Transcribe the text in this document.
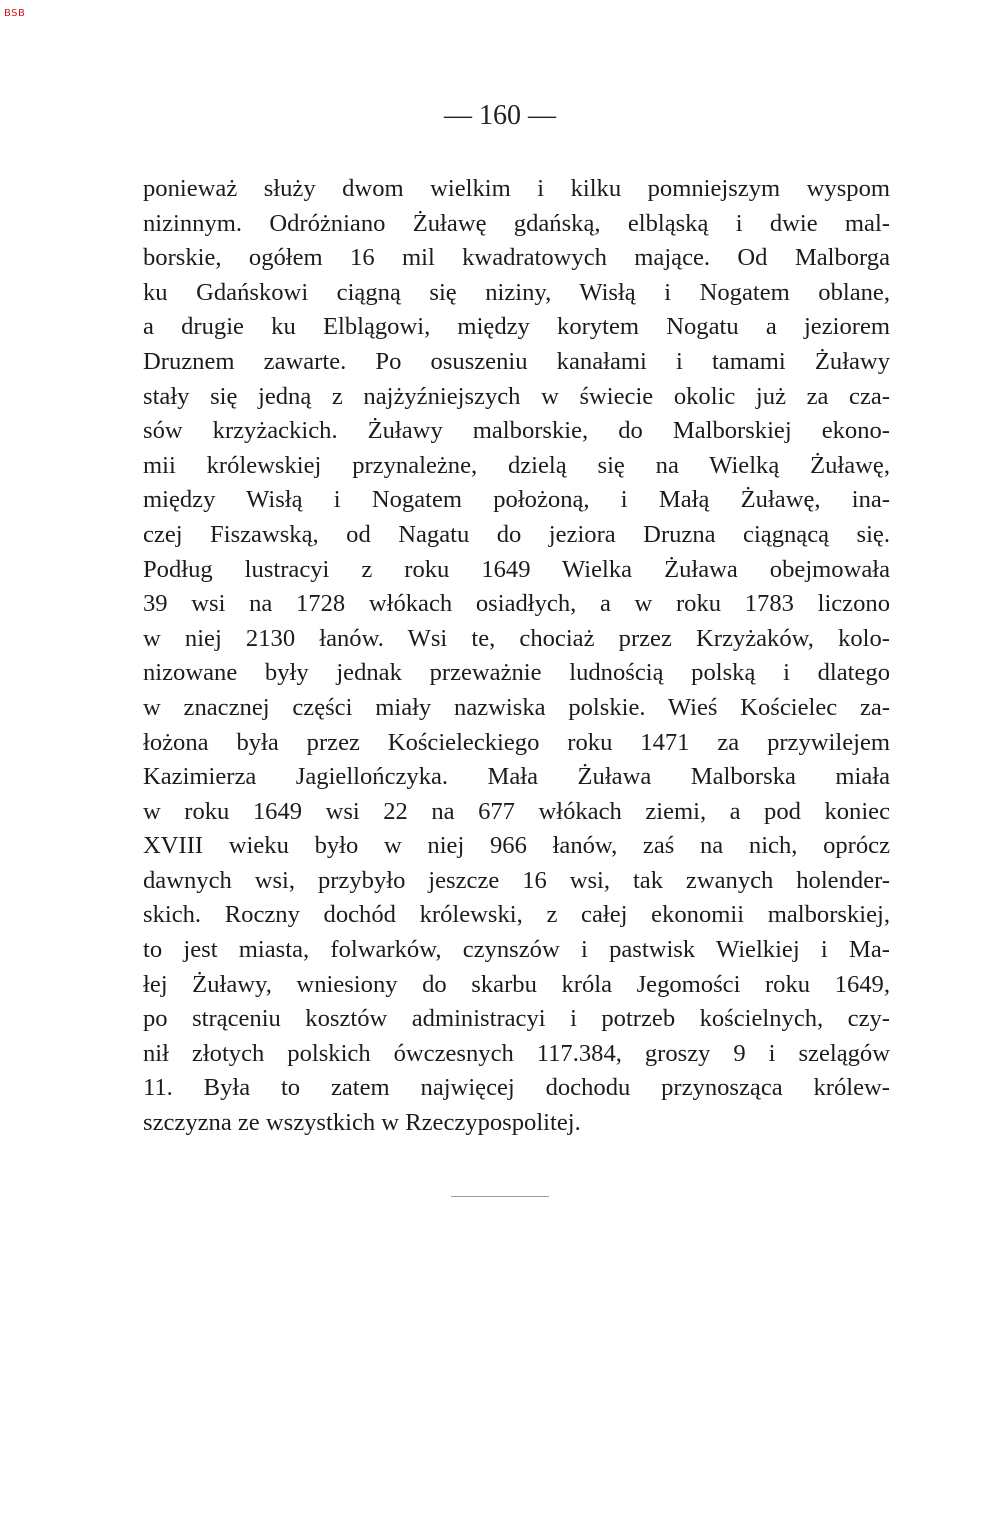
BSB
— 160 —
ponieważ służy dwom wielkim i kilku pomniejszym wyspom
nizinnym. Odróżniano Żuławę gdańską, elbląską i dwie mal-
borskie, ogółem 16 mil kwadratowych mające. Od Malborga
ku Gdańskowi ciągną się niziny, Wisłą i Nogatem oblane,
a drugie ku Elblągowi, między korytem Nogatu a jeziorem
Druznem zawarte. Po osuszeniu kanałami i tamami Żuławy
stały się jedną z najżyźniejszych w świecie okolic już za cza-
sów krzyżackich. Żuławy malborskie, do Malborskiej ekono-
mii królewskiej przynależne, dzielą się na Wielką Żuławę,
między Wisłą i Nogatem położoną, i Małą Żuławę, ina-
czej Fiszawską, od Nagatu do jeziora Druzna ciągnącą się.
Podług lustracyi z roku 1649 Wielka Żuława obejmowała
39 wsi na 1728 włókach osiadłych, a w roku 1783 liczono
w niej 2130 łanów. Wsi te, chociaż przez Krzyżaków, kolo-
nizowane były jednak przeważnie ludnością polską i dlatego
w znacznej części miały nazwiska polskie. Wieś Kościelec za-
łożona była przez Kościeleckiego roku 1471 za przywilejem
Kazimierza Jagiellończyka. Mała Żuława Malborska miała
w roku 1649 wsi 22 na 677 włókach ziemi, a pod koniec
XVIII wieku było w niej 966 łanów, zaś na nich, oprócz
dawnych wsi, przybyło jeszcze 16 wsi, tak zwanych holender-
skich. Roczny dochód królewski, z całej ekonomii malborskiej,
to jest miasta, folwarków, czynszów i pastwisk Wielkiej i Ma-
łej Żuławy, wniesiony do skarbu króla Jegomości roku 1649,
po strąceniu kosztów administracyi i potrzeb kościelnych, czy-
nił złotych polskich ówczesnych 117.384, groszy 9 i szelągów
11. Była to zatem najwięcej dochodu przynosząca królew-
szczyzna ze wszystkich w Rzeczypospolitej.
